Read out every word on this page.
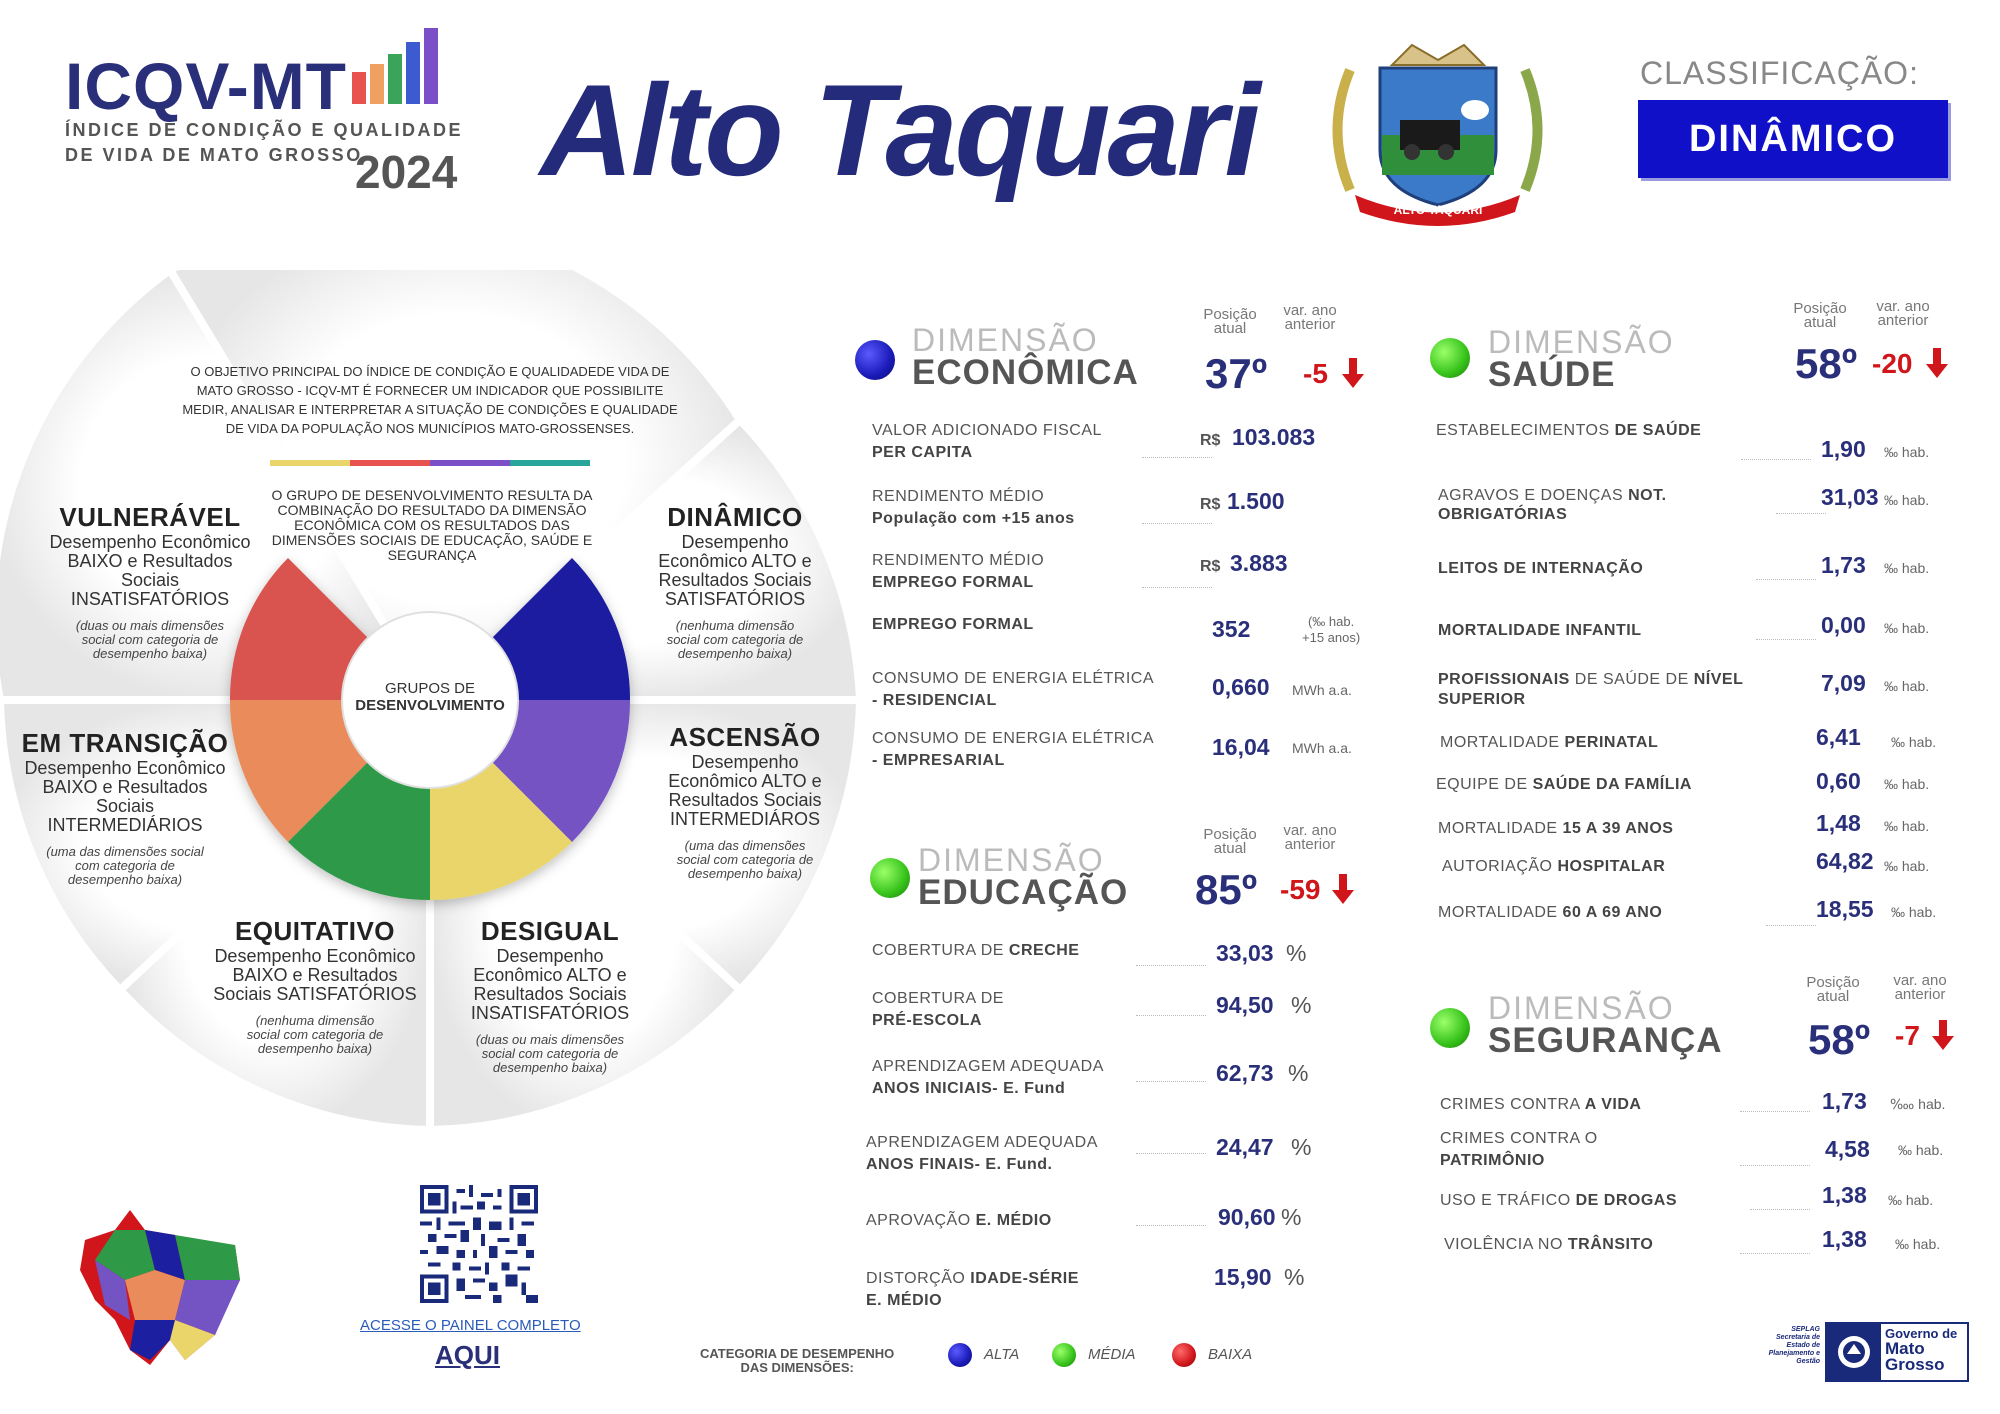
ICQV-MT
ÍNDICE DE CONDIÇÃO E QUALIDADE
DE VIDA DE MATO GROSSO
2024 Alto Taquari
ALTO TAQUARI
CLASSIFICAÇÃO:
DINÂMICO
O OBJETIVO PRINCIPAL DO ÍNDICE DE CONDIÇÃO E QUALIDADEDE VIDA DE MATO GROSSO - ICQV-MT É FORNECER UM INDICADOR QUE POSSIBILITE MEDIR, ANALISAR E INTERPRETAR A SITUAÇÃO DE CONDIÇÕES E QUALIDADE DE VIDA DA POPULAÇÃO NOS MUNICÍPIOS MATO-GROSSENSES.
O GRUPO DE DESENVOLVIMENTO RESULTA DA COMBINAÇÃO DO RESULTADO DA DIMENSÃO ECONÔMICA COM OS RESULTADOS DAS DIMENSÕES SOCIAIS DE EDUCAÇÃO, SAÚDE E SEGURANÇA
GRUPOS DE
DESENVOLVIMENTO
VULNERÁVEL
Desempenho Econômico BAIXO e Resultados Sociais INSATISFATÓRIOS
(duas ou mais dimensões social com categoria de desempenho baixa)
DINÂMICO
Desempenho Econômico ALTO e Resultados Sociais SATISFATÓRIOS
(nenhuma dimensão social com categoria de desempenho baixa)
EM TRANSIÇÃO
Desempenho Econômico BAIXO e Resultados Sociais INTERMEDIÁRIOS
(uma das dimensões social com categoria de desempenho baixa)
ASCENSÃO
Desempenho Econômico ALTO e Resultados Sociais INTERMEDIÁROS
(uma das dimensões social com categoria de desempenho baixa)
EQUITATIVO
Desempenho Econômico BAIXO e Resultados Sociais SATISFATÓRIOS
(nenhuma dimensão social com categoria de desempenho baixa)
DESIGUAL
Desempenho Econômico ALTO e Resultados Sociais INSATISFATÓRIOS
(duas ou mais dimensões social com categoria de desempenho baixa)
DIMENSÃO
ECONÔMICA
Posição
atual
var. ano
anterior
37º -5
VALOR ADICIONADO FISCAL
PER CAPITA
R$ 103.083
RENDIMENTO MÉDIO
População com +15 anos
R$ 1.500
RENDIMENTO MÉDIO
EMPREGO FORMAL
R$ 3.883
EMPREGO FORMAL	352	(‰ hab.
+15 anos)
CONSUMO DE ENERGIA ELÉTRICA
- RESIDENCIAL
0,660 MWh a.a.
CONSUMO DE ENERGIA ELÉTRICA
- EMPRESARIAL
16,04 MWh a.a.
DIMENSÃO
EDUCAÇÃO
Posição
atual
var. ano
anterior
85º -59
COBERTURA DE CRECHE	33,03 %
COBERTURA DE
PRÉ-ESCOLA
94,50 %
APRENDIZAGEM ADEQUADA
ANOS INICIAIS- E. Fund
62,73 %
APRENDIZAGEM ADEQUADA
ANOS FINAIS- E. Fund.
24,47 %
APROVAÇÃO E. MÉDIO	90,60 %
DISTORÇÃO IDADE-SÉRIE
E. MÉDIO
15,90 %
DIMENSÃO
SAÚDE
Posição
atual
var. ano
anterior
58º -20
ESTABELECIMENTOS DE SAÚDE
1,90 ‰ hab.
AGRAVOS E DOENÇAS NOT.
OBRIGATÓRIAS
31,03 ‰ hab.
LEITOS DE INTERNAÇÃO	1,73 ‰ hab.
MORTALIDADE INFANTIL	0,00 ‰ hab.
PROFISSIONAIS DE SAÚDE DE NÍVEL
SUPERIOR
7,09 ‰ hab.
MORTALIDADE PERINATAL	6,41 ‰ hab.
EQUIPE DE SAÚDE DA FAMÍLIA	0,60 ‰ hab.
MORTALIDADE 15 A 39 ANOS	1,48 ‰ hab.
AUTORIAÇÃO HOSPITALAR	64,82 ‰ hab.
MORTALIDADE 60 A 69 ANO	18,55 ‰ hab.
DIMENSÃO
SEGURANÇA
Posição
atual
var. ano
anterior
58º -7
CRIMES CONTRA A VIDA	1,73 ‱ hab.
CRIMES CONTRA O
PATRIMÔNIO	4,58 ‰ hab.
USO E TRÁFICO DE DROGAS	1,38 ‰ hab.
VIOLÊNCIA NO TRÂNSITO	1,38 ‰ hab.
ACESSE O PAINEL COMPLETO
AQUI	CATEGORIA DE DESEMPENHO
DAS DIMENSÕES:
ALTA	MÉDIA	BAIXA
SEPLAG Secretaria de Estado de Planejamento e Gestão
Governo de
Mato
Grosso
